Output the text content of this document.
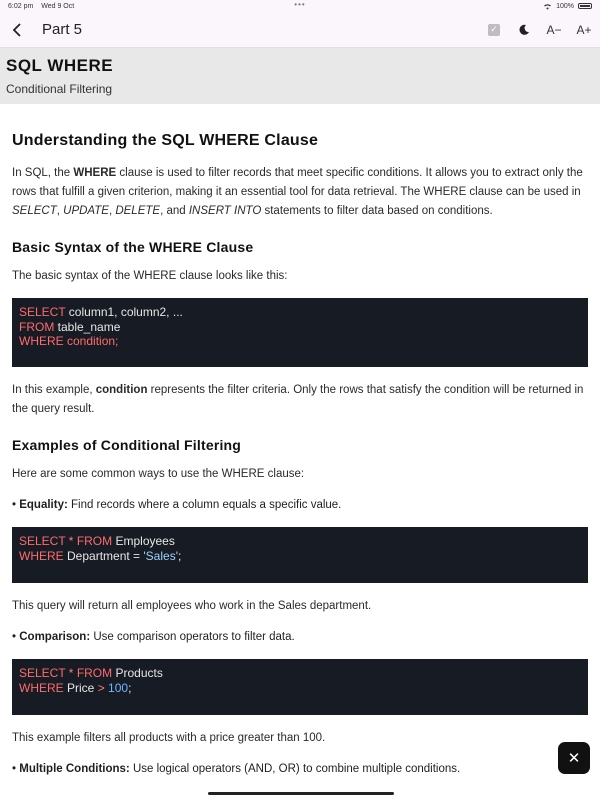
6:02 pm Wed 9 Oct	•••	100%
Part 5	✓	A− A+
SQL WHERE
Conditional Filtering
Understanding the SQL WHERE Clause

In SQL, the WHERE clause is used to filter records that meet specific conditions. It allows you to extract only the rows that fulfill a given criterion, making it an essential tool for data retrieval. The WHERE clause can be used in SELECT, UPDATE, DELETE, and INSERT INTO statements to filter data based on conditions.

Basic Syntax of the WHERE Clause

The basic syntax of the WHERE clause looks like this:

SELECT column1, column2, ...
FROM table_name
WHERE condition;

In this example, condition represents the filter criteria. Only the rows that satisfy the condition will be returned in the query result.

Examples of Conditional Filtering

Here are some common ways to use the WHERE clause:

• Equality: Find records where a column equals a specific value.
SELECT * FROM Employees
WHERE Department = 'Sales';

This query will return all employees who work in the Sales department.

• Comparison: Use comparison operators to filter data.
SELECT * FROM Products
WHERE Price > 100;

This example filters all products with a price greater than 100.

• Multiple Conditions: Use logical operators (AND, OR) to combine multiple conditions.
✕
